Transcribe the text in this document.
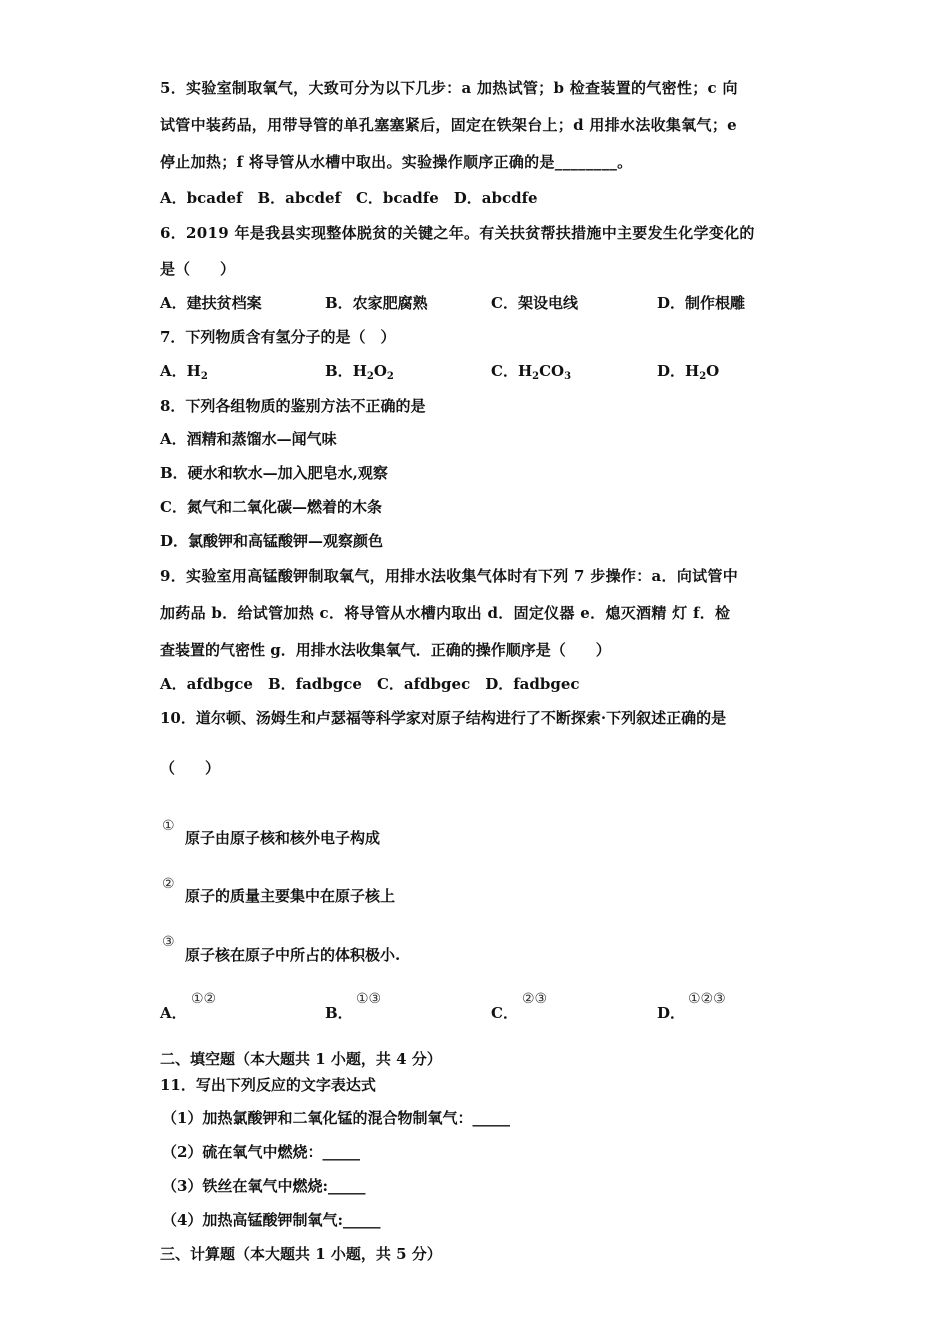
5．实验室制取氧气，大致可分为以下几步：a 加热试管；b 检查装置的气密性；c 向
试管中装药品，用带导管的单孔塞塞紧后，固定在铁架台上；d 用排水法收集氧气；e
停止加热；f 将导管从水槽中取出。实验操作顺序正确的是________。
A．bcadef　B．abcdef　C．bcadfe　D．abcdfe
6．2019 年是我县实现整体脱贫的关键之年。有关扶贫帮扶措施中主要发生化学变化的
是（　　）
A．建扶贫档案	B．农家肥腐熟	C．架设电线	D．制作根雕
7．下列物质含有氢分子的是（　）
A．$H_2$	B．$H_2O_2$	C．$H_2CO_3$	D．$H_2O$
8．下列各组物质的鉴别方法不正确的是
A．酒精和蒸馏水—闻气味
B．硬水和软水—加入肥皂水,观察
C．氮气和二氧化碳—燃着的木条
D．氯酸钾和高锰酸钾—观察颜色
9．实验室用高锰酸钾制取氧气，用排水法收集气体时有下列 7 步操作：a．向试管中
加药品 b．给试管加热 c．将导管从水槽内取出 d．固定仪器 e．熄灭酒精 灯 f．检
查装置的气密性 g．用排水法收集氧气．正确的操作顺序是（　　）
A．afdbgce　B．fadbgce　C．afdbgec　D．fadbgec
10．道尔顿、汤姆生和卢瑟福等科学家对原子结构进行了不断探索·下列叙述正确的是
（　　）
①
原子由原子核和核外电子构成
②
原子的质量主要集中在原子核上
③
原子核在原子中所占的体积极小.
A．
①②
B．
①③
C．
②③
D．
①②③
二、填空题（本大题共 1 小题，共 4 分）
11．写出下列反应的文字表达式
（1）加热氯酸钾和二氧化锰的混合物制氧气：_____
（2）硫在氧气中燃烧：_____
（3）铁丝在氧气中燃烧:_____
（4）加热高锰酸钾制氧气:_____
三、计算题（本大题共 1 小题，共 5 分）
